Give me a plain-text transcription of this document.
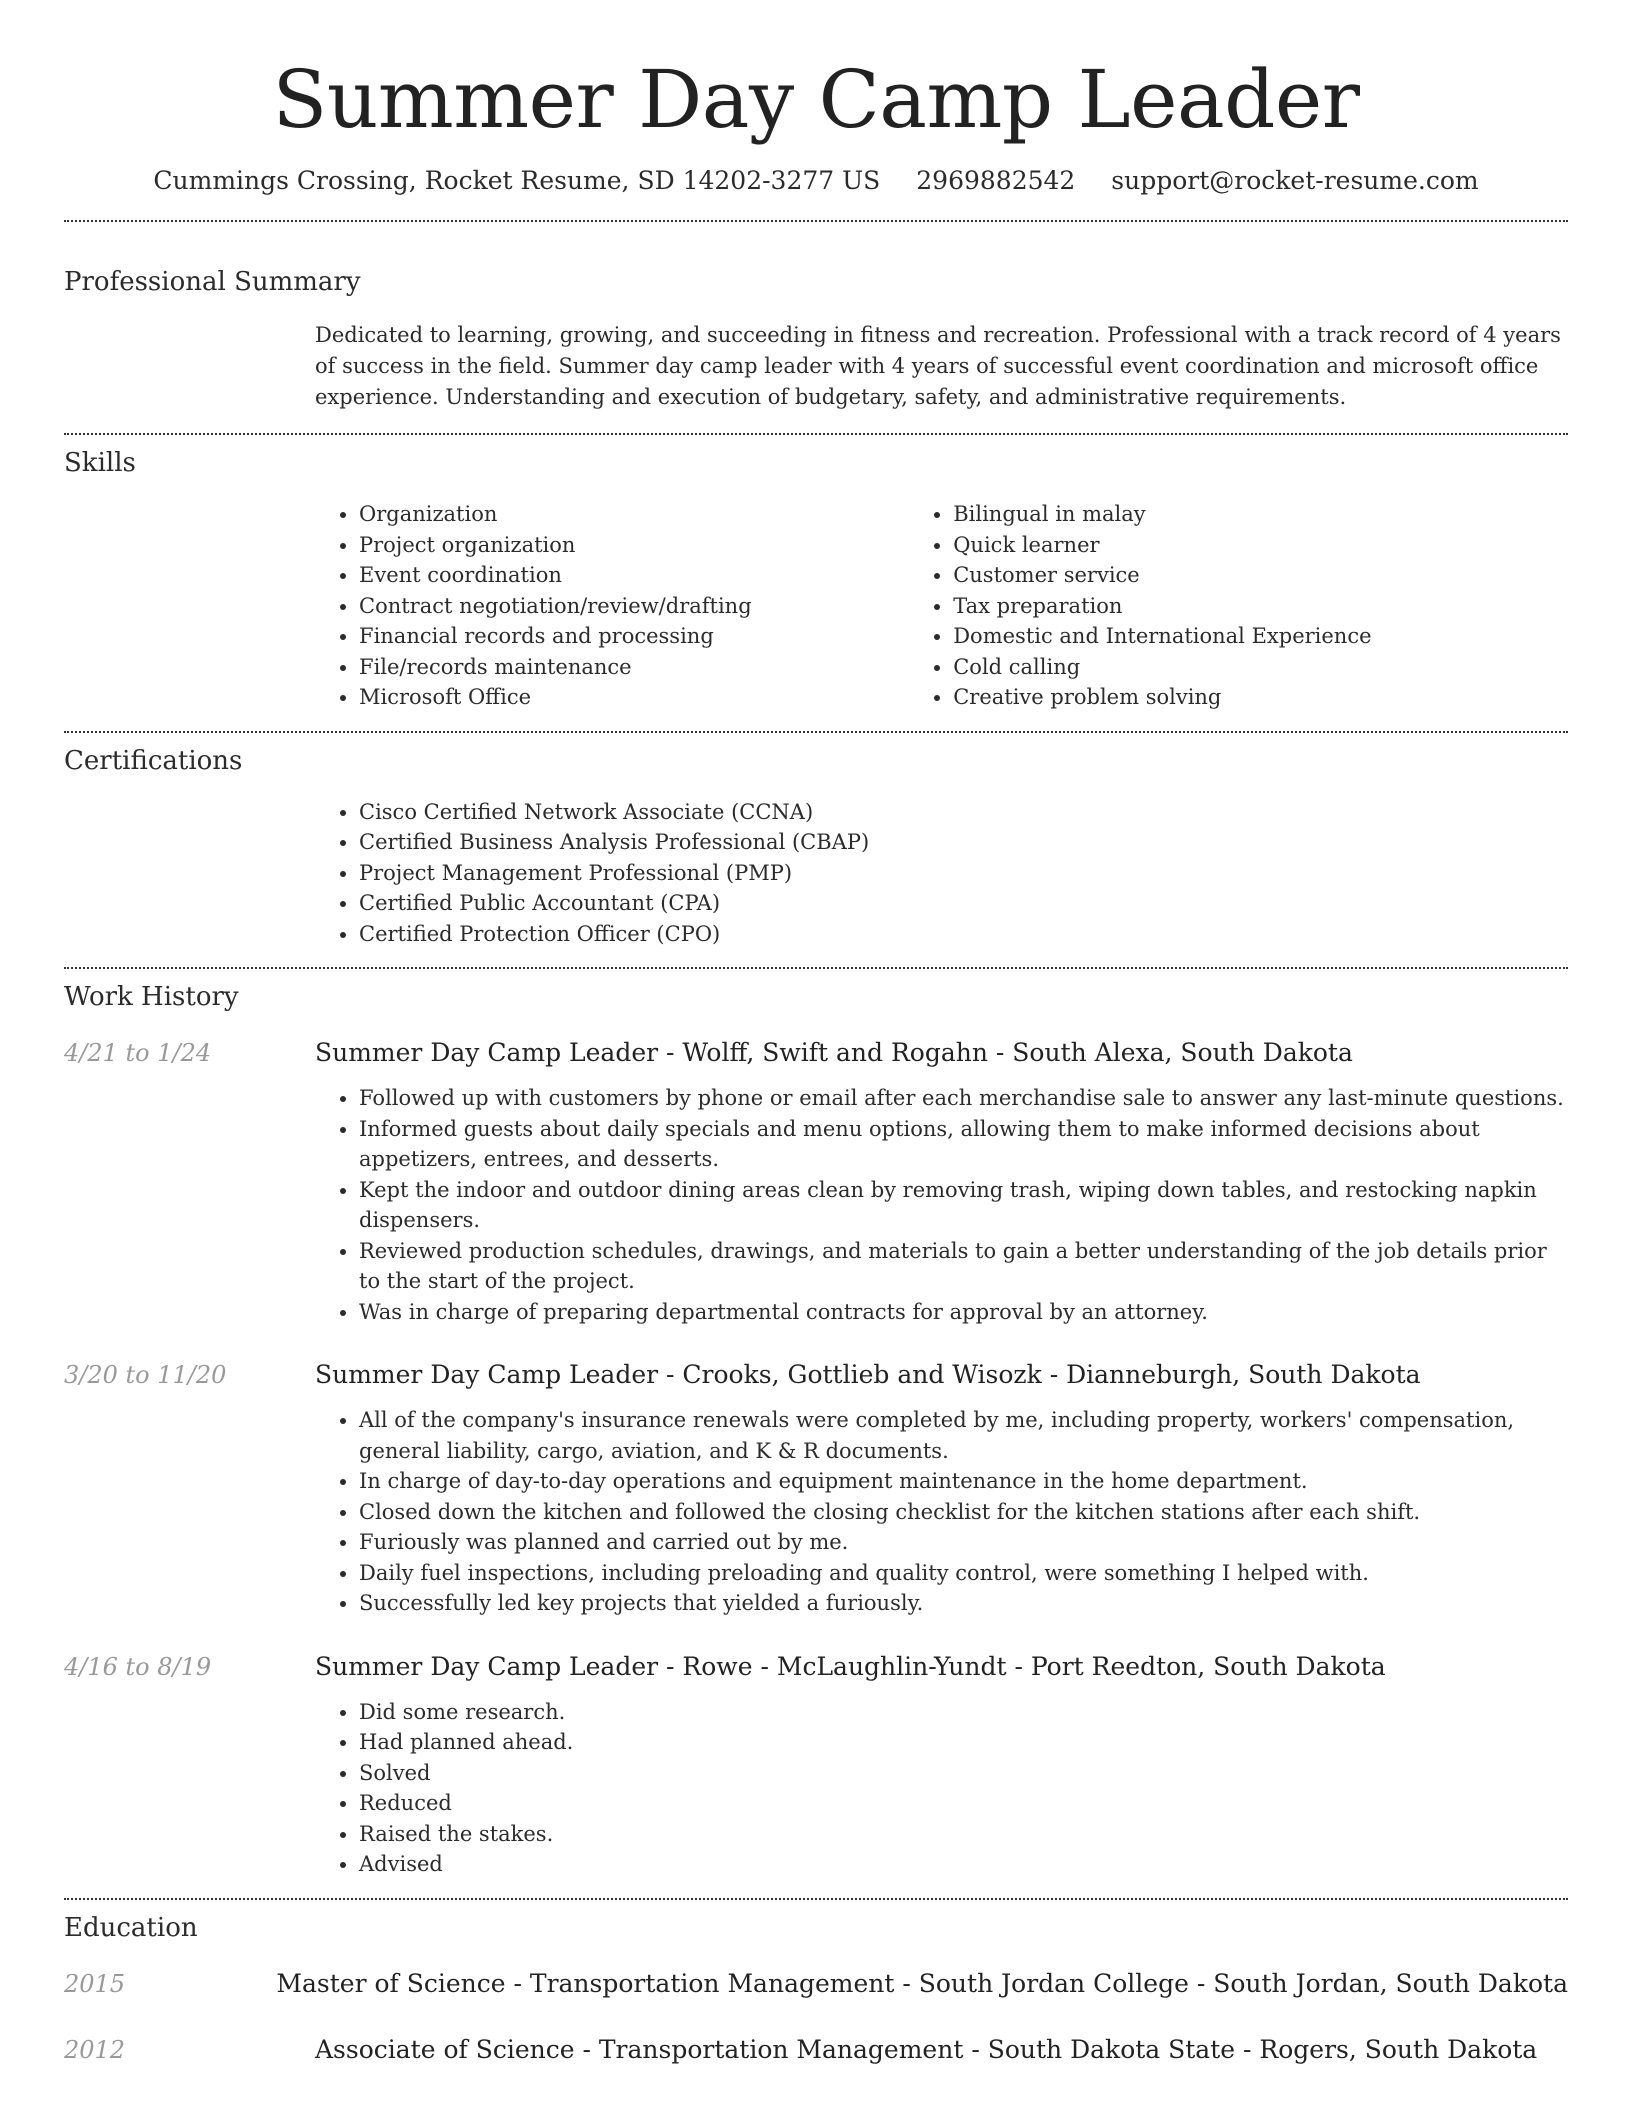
Summer Day Camp Leader
Cummings Crossing, Rocket Resume, SD 14202-3277 US 2969882542 support@rocket-resume.com
Professional Summary

Dedicated to learning, growing, and succeeding in fitness and recreation. Professional with a track record of 4 years of success in the field. Summer day camp leader with 4 years of successful event coordination and microsoft office experience. Understanding and execution of budgetary, safety, and administrative requirements.

Skills
• Organization
• Project organization
• Event coordination
• Contract negotiation/review/drafting
• Financial records and processing
• File/records maintenance
• Microsoft Office
• Bilingual in malay
• Quick learner
• Customer service
• Tax preparation
• Domestic and International Experience
• Cold calling
• Creative problem solving
Certifications
• Cisco Certified Network Associate (CCNA)
• Certified Business Analysis Professional (CBAP)
• Project Management Professional (PMP)
• Certified Public Accountant (CPA)
• Certified Protection Officer (CPO)
Work History
4/21 to 1/24	Summer Day Camp Leader - Wolff, Swift and Rogahn - South Alexa, South Dakota
• Followed up with customers by phone or email after each merchandise sale to answer any last-minute questions.
• Informed guests about daily specials and menu options, allowing them to make informed decisions about appetizers, entrees, and desserts.
• Kept the indoor and outdoor dining areas clean by removing trash, wiping down tables, and restocking napkin dispensers.
• Reviewed production schedules, drawings, and materials to gain a better understanding of the job details prior to the start of the project.
• Was in charge of preparing departmental contracts for approval by an attorney.
3/20 to 11/20	Summer Day Camp Leader - Crooks, Gottlieb and Wisozk - Dianneburgh, South Dakota
• All of the company's insurance renewals were completed by me, including property, workers' compensation, general liability, cargo, aviation, and K & R documents.
• In charge of day-to-day operations and equipment maintenance in the home department.
• Closed down the kitchen and followed the closing checklist for the kitchen stations after each shift.
• Furiously was planned and carried out by me.
• Daily fuel inspections, including preloading and quality control, were something I helped with.
• Successfully led key projects that yielded a furiously.
4/16 to 8/19	Summer Day Camp Leader - Rowe - McLaughlin-Yundt - Port Reedton, South Dakota
• Did some research.
• Had planned ahead.
• Solved
• Reduced
• Raised the stakes.
• Advised
Education
2015	Master of Science - Transportation Management - South Jordan College - South Jordan, South Dakota
2012	Associate of Science - Transportation Management - South Dakota State - Rogers, South Dakota
